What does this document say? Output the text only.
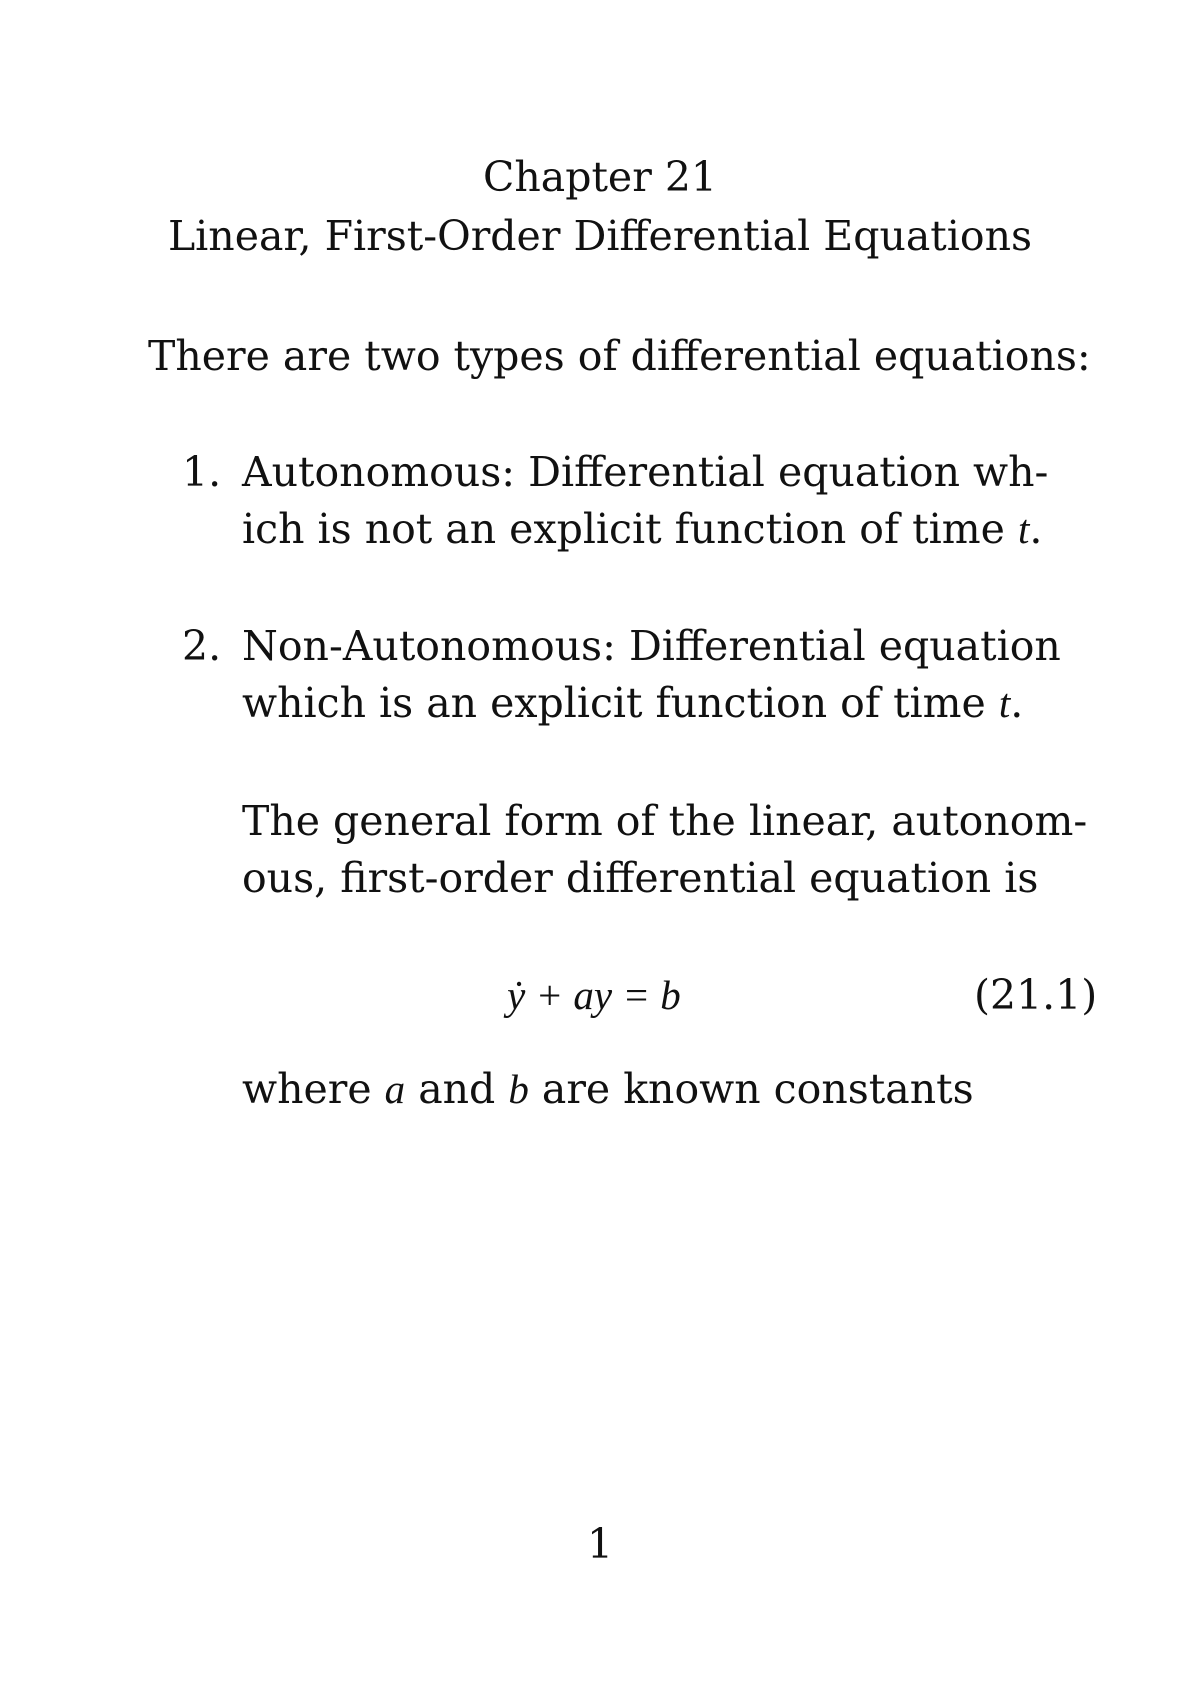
Chapter 21
Linear, First-Order Differential Equations
There are two types of differential equations:
1. Autonomous: Differential equation wh-
ich is not an explicit function of time t.
2. Non-Autonomous: Differential equation
which is an explicit function of time t.
The general form of the linear, autonom-
ous, first-order differential equation is
ẏ + ay = b	(21.1)
where a and b are known constants
1
